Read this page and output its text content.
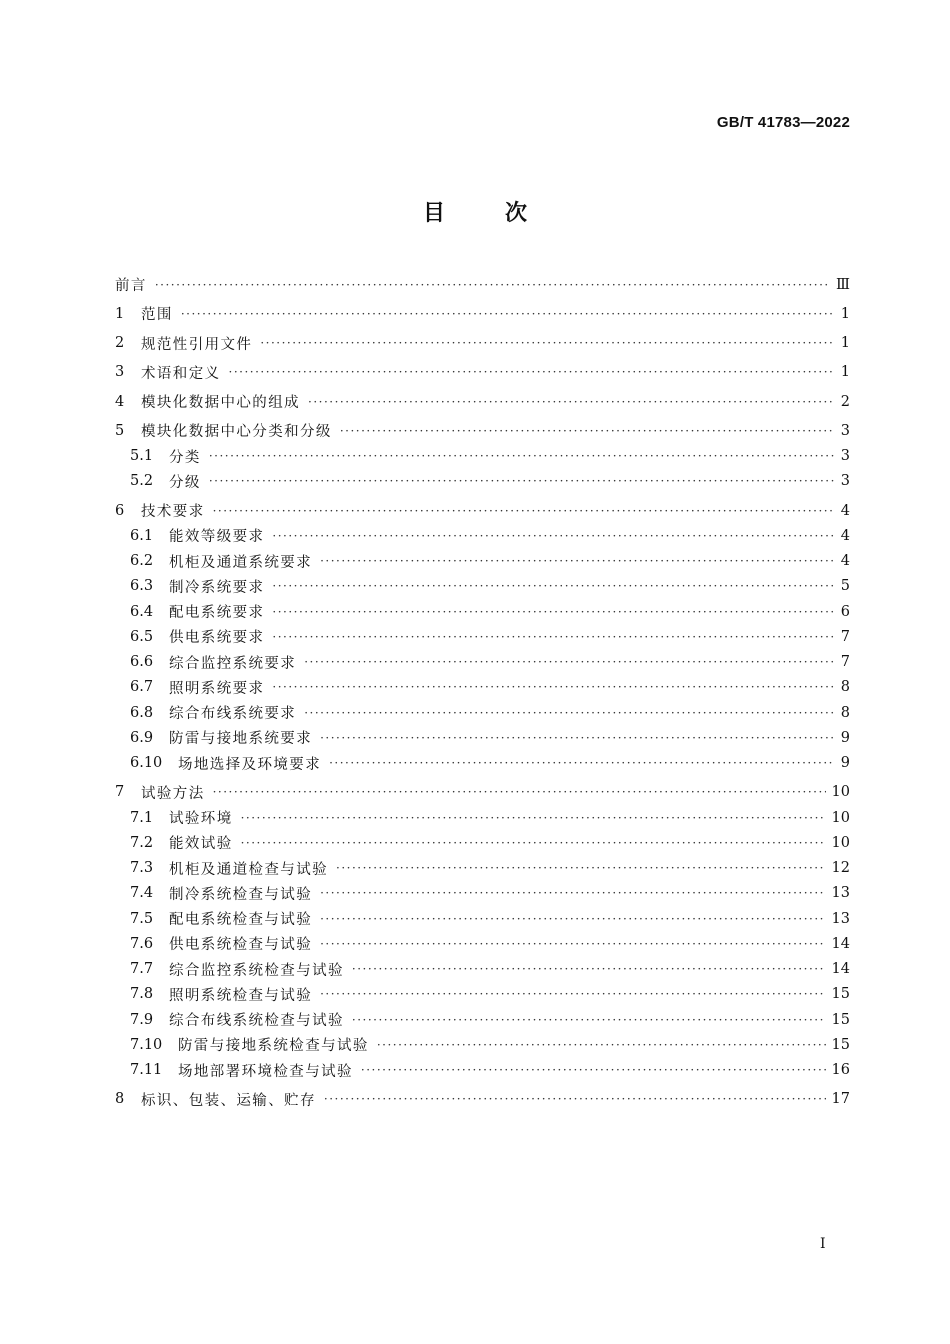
GB/T 41783—2022
目	次
前言 ·····	Ⅲ
1	范围 ·····	1
2	规范性引用文件 ·····	1
3	术语和定义 ·····	1
4	模块化数据中心的组成 ·····	2
5	模块化数据中心分类和分级 ·····	3
5.1	分类 ·····	3
5.2	分级 ·····	3
6	技术要求 ·····	4
6.1	能效等级要求 ·····	4
6.2	机柜及通道系统要求 ·····	4
6.3	制冷系统要求 ·····	5
6.4	配电系统要求 ·····	6
6.5	供电系统要求 ·····	7
6.6	综合监控系统要求 ·····	7
6.7	照明系统要求 ·····	8
6.8	综合布线系统要求 ·····	8
6.9	防雷与接地系统要求 ·····	9
6.10	场地选择及环境要求 ·····	9
7	试验方法 ·····	10
7.1	试验环境 ·····	10
7.2	能效试验 ·····	10
7.3	机柜及通道检查与试验 ·····	12
7.4	制冷系统检查与试验 ·····	13
7.5	配电系统检查与试验 ·····	13
7.6	供电系统检查与试验 ·····	14
7.7	综合监控系统检查与试验 ·····	14
7.8	照明系统检查与试验 ·····	15
7.9	综合布线系统检查与试验 ·····	15
7.10	防雷与接地系统检查与试验 ·····	15
7.11	场地部署环境检查与试验 ·····	16
8	标识、包装、运输、贮存 ·····	17
I
